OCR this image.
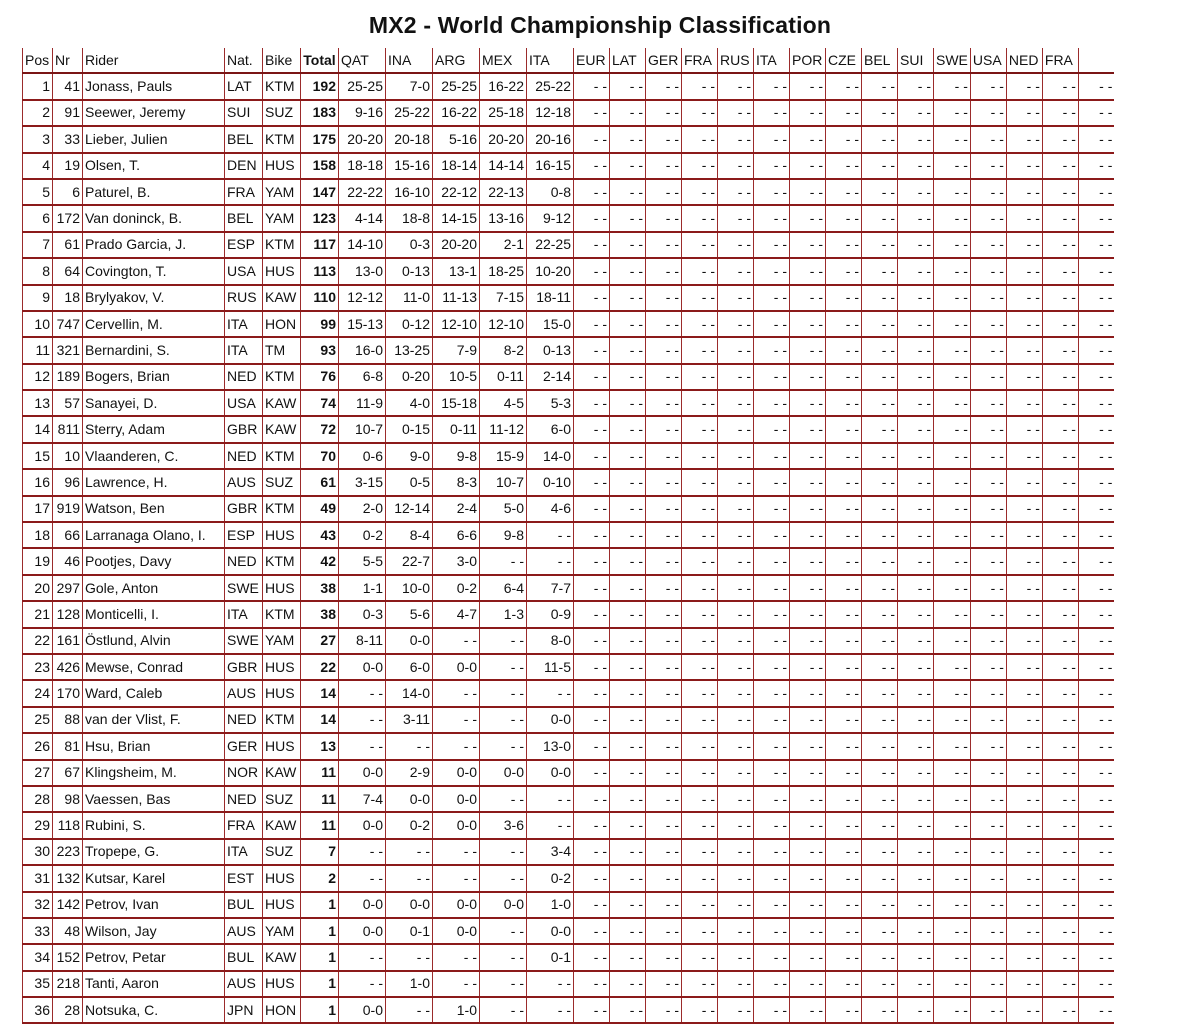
MX2 - World Championship Classification
Pos	Nr	Rider	Nat.	Bike	Total	QAT	INA	ARG	MEX	ITA	EUR	LAT	GER	FRA	RUS	ITA	POR	CZE	BEL	SUI	SWE	USA	NED	FRA	
1	41	Jonass, Pauls	LAT	KTM	192	25-25	7-0	25-25	16-22	25-22	- -	- -	- -	- -	- -	- -	- -	- -	- -	- -	- -	- -	- -	- -	- -
2	91	Seewer, Jeremy	SUI	SUZ	183	9-16	25-22	16-22	25-18	12-18	- -	- -	- -	- -	- -	- -	- -	- -	- -	- -	- -	- -	- -	- -	- -
3	33	Lieber, Julien	BEL	KTM	175	20-20	20-18	5-16	20-20	20-16	- -	- -	- -	- -	- -	- -	- -	- -	- -	- -	- -	- -	- -	- -	- -
4	19	Olsen, T.	DEN	HUS	158	18-18	15-16	18-14	14-14	16-15	- -	- -	- -	- -	- -	- -	- -	- -	- -	- -	- -	- -	- -	- -	- -
5	6	Paturel, B.	FRA	YAM	147	22-22	16-10	22-12	22-13	0-8	- -	- -	- -	- -	- -	- -	- -	- -	- -	- -	- -	- -	- -	- -	- -
6	172	Van doninck, B.	BEL	YAM	123	4-14	18-8	14-15	13-16	9-12	- -	- -	- -	- -	- -	- -	- -	- -	- -	- -	- -	- -	- -	- -	- -
7	61	Prado Garcia, J.	ESP	KTM	117	14-10	0-3	20-20	2-1	22-25	- -	- -	- -	- -	- -	- -	- -	- -	- -	- -	- -	- -	- -	- -	- -
8	64	Covington, T.	USA	HUS	113	13-0	0-13	13-1	18-25	10-20	- -	- -	- -	- -	- -	- -	- -	- -	- -	- -	- -	- -	- -	- -	- -
9	18	Brylyakov, V.	RUS	KAW	110	12-12	11-0	11-13	7-15	18-11	- -	- -	- -	- -	- -	- -	- -	- -	- -	- -	- -	- -	- -	- -	- -
10	747	Cervellin, M.	ITA	HON	99	15-13	0-12	12-10	12-10	15-0	- -	- -	- -	- -	- -	- -	- -	- -	- -	- -	- -	- -	- -	- -	- -
11	321	Bernardini, S.	ITA	TM	93	16-0	13-25	7-9	8-2	0-13	- -	- -	- -	- -	- -	- -	- -	- -	- -	- -	- -	- -	- -	- -	- -
12	189	Bogers, Brian	NED	KTM	76	6-8	0-20	10-5	0-11	2-14	- -	- -	- -	- -	- -	- -	- -	- -	- -	- -	- -	- -	- -	- -	- -
13	57	Sanayei, D.	USA	KAW	74	11-9	4-0	15-18	4-5	5-3	- -	- -	- -	- -	- -	- -	- -	- -	- -	- -	- -	- -	- -	- -	- -
14	811	Sterry, Adam	GBR	KAW	72	10-7	0-15	0-11	11-12	6-0	- -	- -	- -	- -	- -	- -	- -	- -	- -	- -	- -	- -	- -	- -	- -
15	10	Vlaanderen, C.	NED	KTM	70	0-6	9-0	9-8	15-9	14-0	- -	- -	- -	- -	- -	- -	- -	- -	- -	- -	- -	- -	- -	- -	- -
16	96	Lawrence, H.	AUS	SUZ	61	3-15	0-5	8-3	10-7	0-10	- -	- -	- -	- -	- -	- -	- -	- -	- -	- -	- -	- -	- -	- -	- -
17	919	Watson, Ben	GBR	KTM	49	2-0	12-14	2-4	5-0	4-6	- -	- -	- -	- -	- -	- -	- -	- -	- -	- -	- -	- -	- -	- -	- -
18	66	Larranaga Olano, I.	ESP	HUS	43	0-2	8-4	6-6	9-8	- -	- -	- -	- -	- -	- -	- -	- -	- -	- -	- -	- -	- -	- -	- -	- -
19	46	Pootjes, Davy	NED	KTM	42	5-5	22-7	3-0	- -	- -	- -	- -	- -	- -	- -	- -	- -	- -	- -	- -	- -	- -	- -	- -	- -
20	297	Gole, Anton	SWE	HUS	38	1-1	10-0	0-2	6-4	7-7	- -	- -	- -	- -	- -	- -	- -	- -	- -	- -	- -	- -	- -	- -	- -
21	128	Monticelli, I.	ITA	KTM	38	0-3	5-6	4-7	1-3	0-9	- -	- -	- -	- -	- -	- -	- -	- -	- -	- -	- -	- -	- -	- -	- -
22	161	Östlund, Alvin	SWE	YAM	27	8-11	0-0	- -	- -	8-0	- -	- -	- -	- -	- -	- -	- -	- -	- -	- -	- -	- -	- -	- -	- -
23	426	Mewse, Conrad	GBR	HUS	22	0-0	6-0	0-0	- -	11-5	- -	- -	- -	- -	- -	- -	- -	- -	- -	- -	- -	- -	- -	- -	- -
24	170	Ward, Caleb	AUS	HUS	14	- -	14-0	- -	- -	- -	- -	- -	- -	- -	- -	- -	- -	- -	- -	- -	- -	- -	- -	- -	- -
25	88	van der Vlist, F.	NED	KTM	14	- -	3-11	- -	- -	0-0	- -	- -	- -	- -	- -	- -	- -	- -	- -	- -	- -	- -	- -	- -	- -
26	81	Hsu, Brian	GER	HUS	13	- -	- -	- -	- -	13-0	- -	- -	- -	- -	- -	- -	- -	- -	- -	- -	- -	- -	- -	- -	- -
27	67	Klingsheim, M.	NOR	KAW	11	0-0	2-9	0-0	0-0	0-0	- -	- -	- -	- -	- -	- -	- -	- -	- -	- -	- -	- -	- -	- -	- -
28	98	Vaessen, Bas	NED	SUZ	11	7-4	0-0	0-0	- -	- -	- -	- -	- -	- -	- -	- -	- -	- -	- -	- -	- -	- -	- -	- -	- -
29	118	Rubini, S.	FRA	KAW	11	0-0	0-2	0-0	3-6	- -	- -	- -	- -	- -	- -	- -	- -	- -	- -	- -	- -	- -	- -	- -	- -
30	223	Tropepe, G.	ITA	SUZ	7	- -	- -	- -	- -	3-4	- -	- -	- -	- -	- -	- -	- -	- -	- -	- -	- -	- -	- -	- -	- -
31	132	Kutsar, Karel	EST	HUS	2	- -	- -	- -	- -	0-2	- -	- -	- -	- -	- -	- -	- -	- -	- -	- -	- -	- -	- -	- -	- -
32	142	Petrov, Ivan	BUL	HUS	1	0-0	0-0	0-0	0-0	1-0	- -	- -	- -	- -	- -	- -	- -	- -	- -	- -	- -	- -	- -	- -	- -
33	48	Wilson, Jay	AUS	YAM	1	0-0	0-1	0-0	- -	0-0	- -	- -	- -	- -	- -	- -	- -	- -	- -	- -	- -	- -	- -	- -	- -
34	152	Petrov, Petar	BUL	KAW	1	- -	- -	- -	- -	0-1	- -	- -	- -	- -	- -	- -	- -	- -	- -	- -	- -	- -	- -	- -	- -
35	218	Tanti, Aaron	AUS	HUS	1	- -	1-0	- -	- -	- -	- -	- -	- -	- -	- -	- -	- -	- -	- -	- -	- -	- -	- -	- -	- -
36	28	Notsuka, C.	JPN	HON	1	0-0	- -	1-0	- -	- -	- -	- -	- -	- -	- -	- -	- -	- -	- -	- -	- -	- -	- -	- -	- -
